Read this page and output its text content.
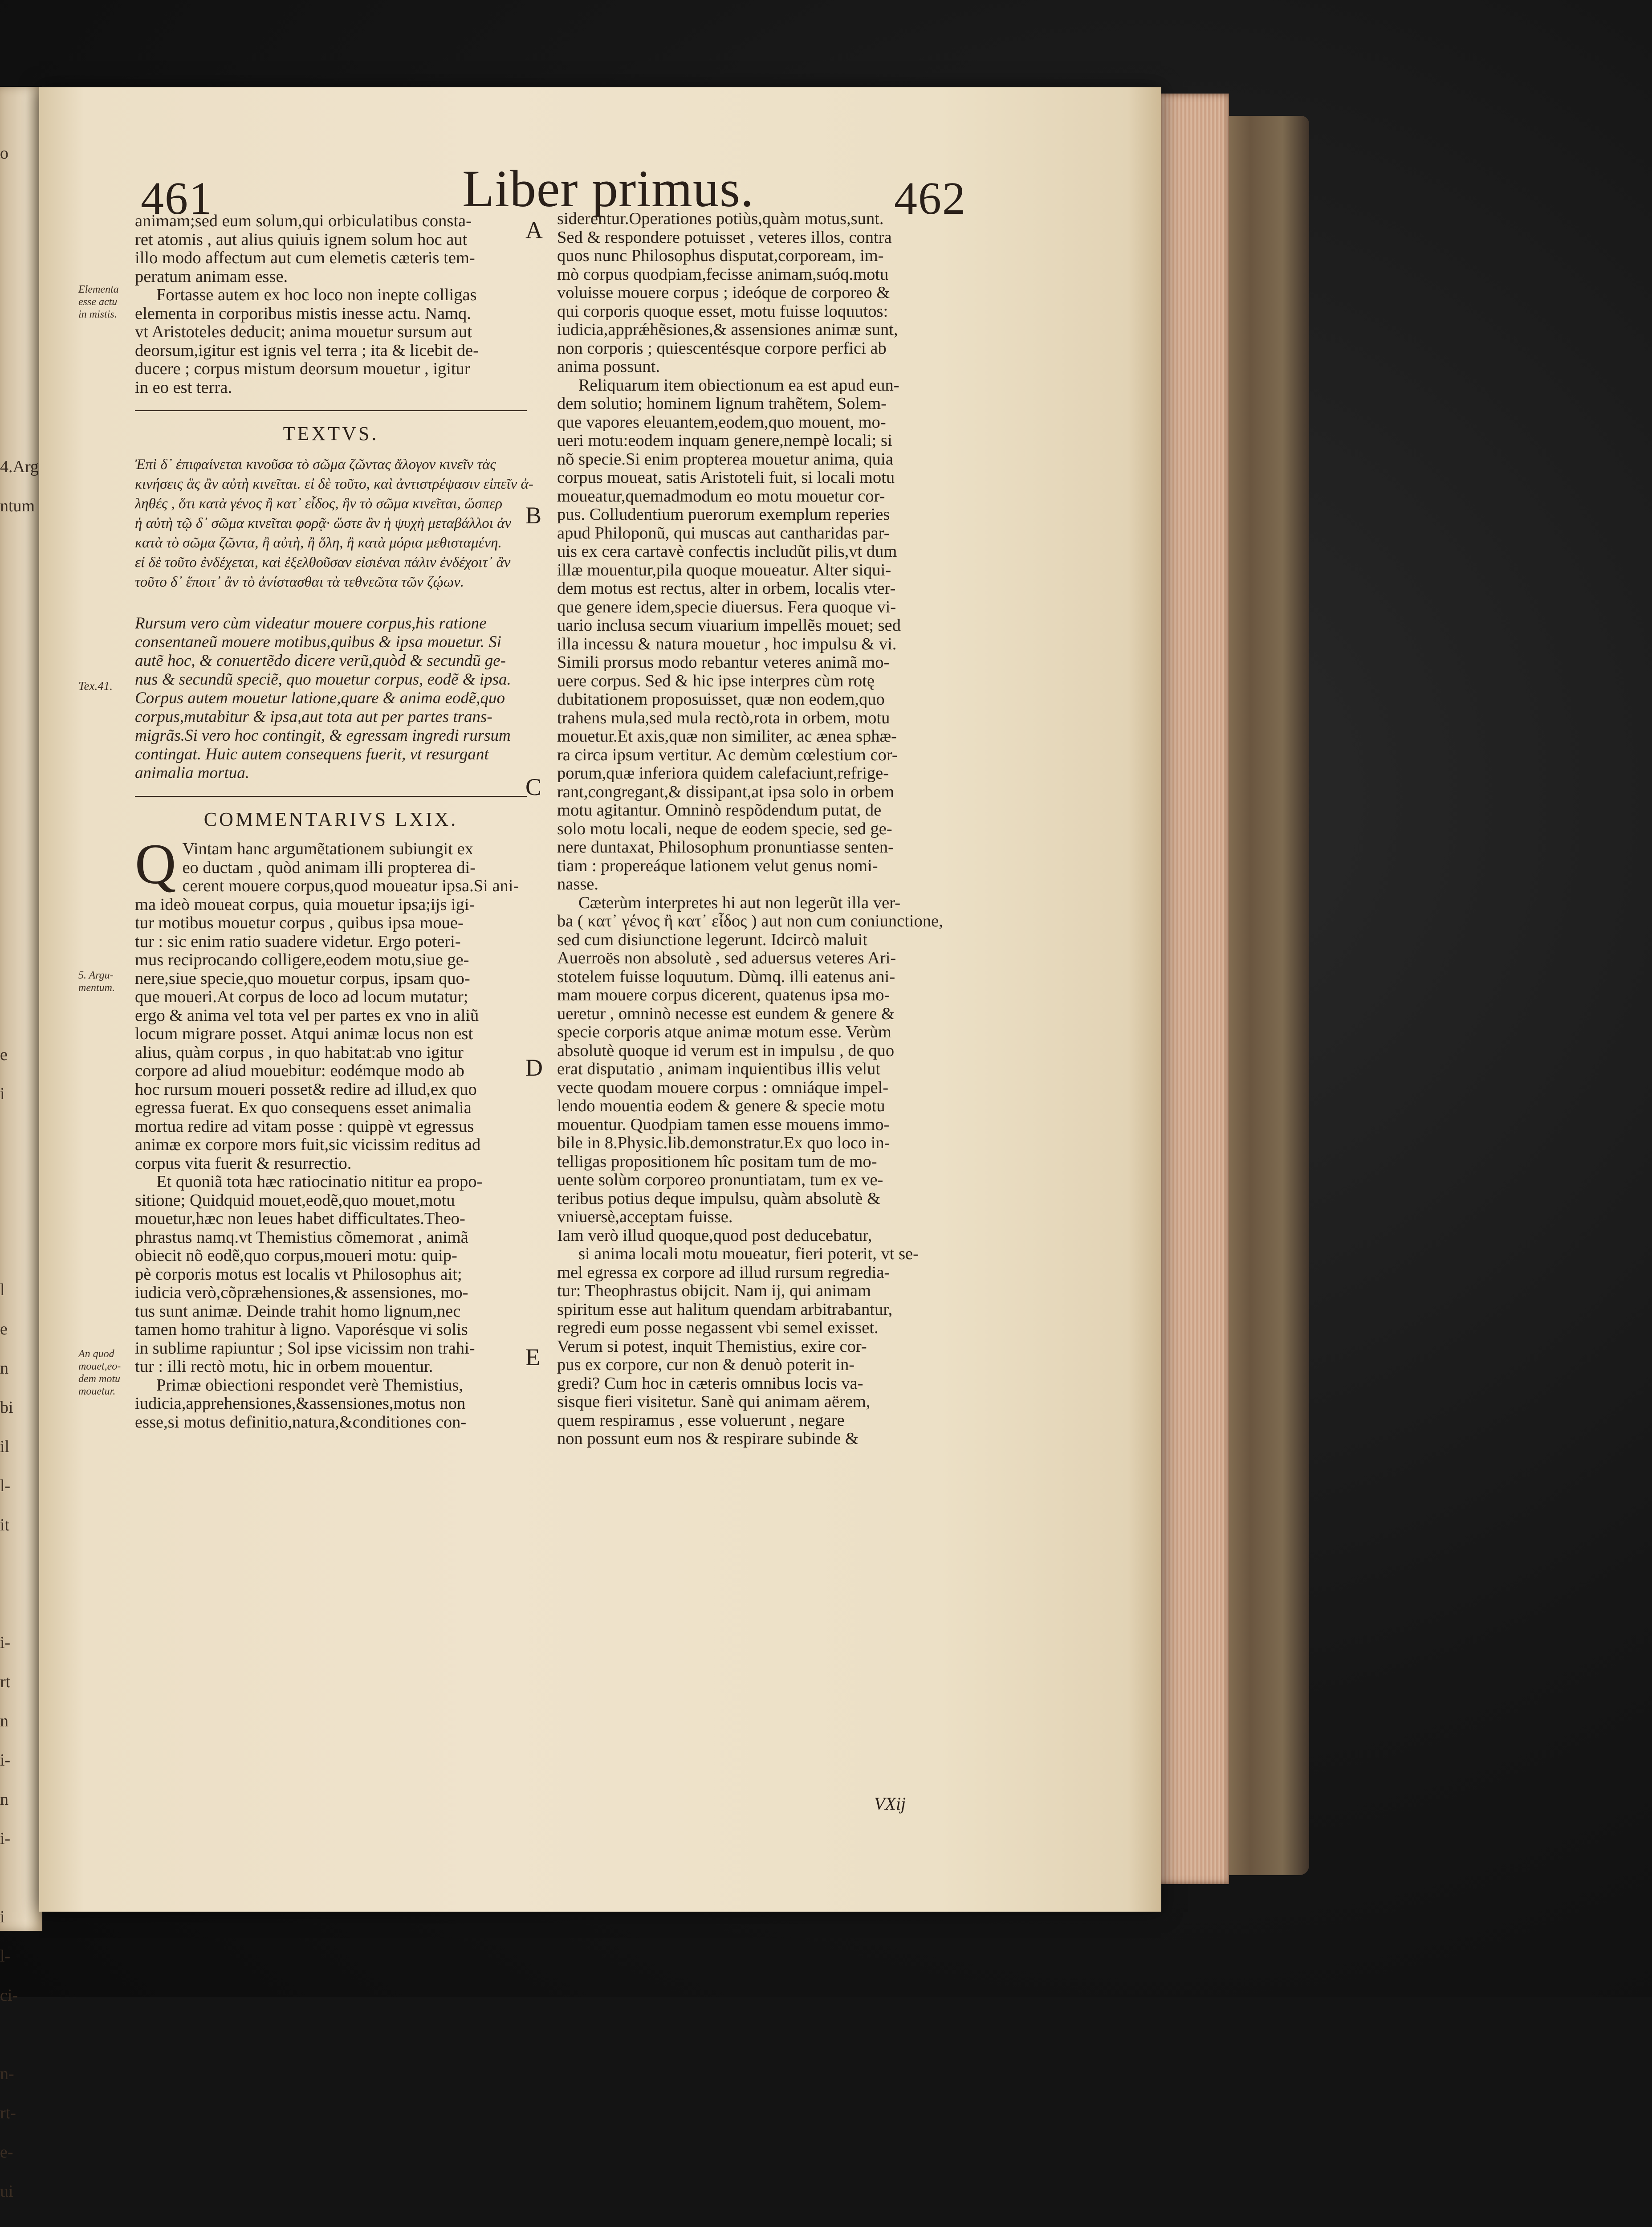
o
4.Arg
ntum
e
i
l
e
n
bi
il
l-
it
i-
rt
n
i-
n
i-
i
l-
ci-
n-
rt-
e-
ui
461	Liber primus.	462

animam;sed eum solum,qui orbiculatibus consta-

ret atomis , aut alius quiuis ignem solum hoc aut

illo modo affectum aut cum elemetis cæteris tem-

peratum animam esse.

Fortasse autem ex hoc loco non inepte colligas

elementa in corporibus mistis inesse actu. Namq.

vt Aristoteles deducit; anima mouetur sursum aut

deorsum,igitur est ignis vel terra ; ita & licebit de-

ducere ; corpus mistum deorsum mouetur , igitur

in eo est terra.

TEXTVS.

Ἐπὶ δ᾽ ἐπιφαίνεται κινοῦσα τὸ σῶμα ζῶντας ἄλογον κινεῖν τὰς

κινήσεις ἃς ἂν αὐτὴ κινεῖται. εἰ δὲ τοῦτο, καὶ ἀντιστρέψασιν εἰπεῖν ἀ-

ληθές , ὅτι κατὰ γένος ἢ κατ᾽ εἶδος, ἣν τὸ σῶμα κινεῖται, ὥσπερ

ἡ αὐτὴ τῷ δ᾽ σῶμα κινεῖται φορᾷ· ὥστε ἂν ἡ ψυχὴ μεταβάλλοι ἀν

κατὰ τὸ σῶμα ζῶντα, ἢ αὐτὴ, ἢ ὅλη, ἢ κατὰ μόρια μεθισταμένη.

εἰ δὲ τοῦτο ἐνδέχεται, καὶ ἐξελθοῦσαν εἰσιέναι πάλιν ἐνδέχοιτ᾽ ἂν

τοῦτο δ᾽ ἕποιτ᾽ ἂν τὸ ἀνίστασθαι τὰ τεθνεῶτα τῶν ζῴων.

Rursum vero cùm videatur mouere corpus,his ratione

consentaneũ mouere motibus,quibus & ipsa mouetur. Si

autẽ hoc, & conuertẽdo dicere verũ,quòd & secundũ ge-

nus & secundũ speciẽ, quo mouetur corpus, eodẽ & ipsa.

Corpus autem mouetur latione,quare & anima eodẽ,quo

corpus,mutabitur & ipsa,aut tota aut per partes trans-

migrãs.Si vero hoc contingit, & egressam ingredi rursum

contingat. Huic autem consequens fuerit, vt resurgant

animalia mortua.

COMMENTARIVS LXIX.
Q Vintam hanc argumẽtationem subiungit ex

eo ductam , quòd animam illi propterea di-

cerent mouere corpus,quod moueatur ipsa.Si ani-

ma ideò moueat corpus, quia mouetur ipsa;ijs igi-

tur motibus mouetur corpus , quibus ipsa moue-

tur : sic enim ratio suadere videtur. Ergo poteri-

mus reciprocando colligere,eodem motu,siue ge-

nere,siue specie,quo mouetur corpus, ipsam quo-

que moueri.At corpus de loco ad locum mutatur;

ergo & anima vel tota vel per partes ex vno in aliũ

locum migrare posset. Atqui animæ locus non est

alius, quàm corpus , in quo habitat:ab vno igitur

corpore ad aliud mouebitur: eodémque modo ab

hoc rursum moueri posset& redire ad illud,ex quo

egressa fuerat. Ex quo consequens esset animalia

mortua redire ad vitam posse : quippè vt egressus

animæ ex corpore mors fuit,sic vicissim reditus ad

corpus vita fuerit & resurrectio.

Et quoniã tota hæc ratiocinatio nititur ea propo-

sitione; Quidquid mouet,eodẽ,quo mouet,motu

mouetur,hæc non leues habet difficultates.Theo-

phrastus namq.vt Themistius cõmemorat , animã

obiecit nõ eodẽ,quo corpus,moueri motu: quip-

pè corporis motus est localis vt Philosophus ait;

iudicia verò,cõpræhensiones,& assensiones, mo-

tus sunt animæ. Deinde trahit homo lignum,nec

tamen homo trahitur à ligno. Vaporésque vi solis

in sublime rapiuntur ; Sol ipse vicissim non trahi-

tur : illi rectò motu, hic in orbem mouentur.

Primæ obiectioni respondet verè Themistius,

iudicia,apprehensiones,&assensiones,motus non

esse,si motus definitio,natura,&conditiones con-

siderentur.Operationes potiùs,quàm motus,sunt.

Sed & respondere potuisset , veteres illos, contra

quos nunc Philosophus disputat,corpoream, im-

mò corpus quodpiam,fecisse animam,suóq.motu

voluisse mouere corpus ; ideóque de corporeo &

qui corporis quoque esset, motu fuisse loquutos:

iudicia,apprǽhẽsiones,& assensiones animæ sunt,

non corporis ; quiescentésque corpore perfici ab

anima possunt.

Reliquarum item obiectionum ea est apud eun-

dem solutio; hominem lignum trahẽtem, Solem-

que vapores eleuantem,eodem,quo mouent, mo-

ueri motu:eodem inquam genere,nempè locali; si

nõ specie.Si enim propterea mouetur anima, quia

corpus moueat, satis Aristoteli fuit, si locali motu

moueatur,quemadmodum eo motu mouetur cor-

pus. Colludentium puerorum exemplum reperies

apud Philoponũ, qui muscas aut cantharidas par-

uis ex cera cartavè confectis includũt pilis,vt dum

illæ mouentur,pila quoque moueatur. Alter siqui-

dem motus est rectus, alter in orbem, localis vter-

que genere idem,specie diuersus. Fera quoque vi-

uario inclusa secum viuarium impellẽs mouet; sed

illa incessu & natura mouetur , hoc impulsu & vi.

Simili prorsus modo rebantur veteres animã mo-

uere corpus. Sed & hic ipse interpres cùm rotę

dubitationem proposuisset, quæ non eodem,quo

trahens mula,sed mula rectò,rota in orbem, motu

mouetur.Et axis,quæ non similiter, ac ænea sphæ-

ra circa ipsum vertitur. Ac demùm cœlestium cor-

porum,quæ inferiora quidem calefaciunt,refrige-

rant,congregant,& dissipant,at ipsa solo in orbem

motu agitantur. Omninò respõdendum putat, de

solo motu locali, neque de eodem specie, sed ge-

nere duntaxat, Philosophum pronuntiasse senten-

tiam : propereáque lationem velut genus nomi-

nasse.

Cæterùm interpretes hi aut non legerũt illa ver-

ba ( κατ᾽ γένος ἢ κατ᾽ εἶδος ) aut non cum coniunctione,

sed cum disiunctione legerunt. Idcircò maluit

Auerroës non absolutè , sed aduersus veteres Ari-

stotelem fuisse loquutum. Dùmq. illi eatenus ani-

mam mouere corpus dicerent, quatenus ipsa mo-

ueretur , omninò necesse est eundem & genere &

specie corporis atque animæ motum esse. Verùm

absolutè quoque id verum est in impulsu , de quo

erat disputatio , animam inquientibus illis velut

vecte quodam mouere corpus : omniáque impel-

lendo mouentia eodem & genere & specie motu

mouentur. Quodpiam tamen esse mouens immo-

bile in 8.Physic.lib.demonstratur.Ex quo loco in-

telligas propositionem hîc positam tum de mo-

uente solùm corporeo pronuntiatam, tum ex ve-

teribus potius deque impulsu, quàm absolutè &

vniuersè,acceptam fuisse.

Iam verò illud quoque,quod post deducebatur,

si anima locali motu moueatur, fieri poterit, vt se-

mel egressa ex corpore ad illud rursum regredia-

tur: Theophrastus obijcit. Nam ij, qui animam

spiritum esse aut halitum quendam arbitrabantur,

regredi eum posse negassent vbi semel exisset.

Verum si potest, inquit Themistius, exire cor-

pus ex corpore, cur non & denuò poterit in-

gredi? Cum hoc in cæteris omnibus locis va-

sisque fieri visitetur. Sanè qui animam aërem,

quem respiramus , esse voluerunt , negare

non possunt eum nos & respirare subinde &

Elementa
esse actu
in mistis.
Tex.41.
5. Argu-
mentum.
An quod
mouet,eo-
dem motu
mouetur.
A
B
C
D
E
VXij
